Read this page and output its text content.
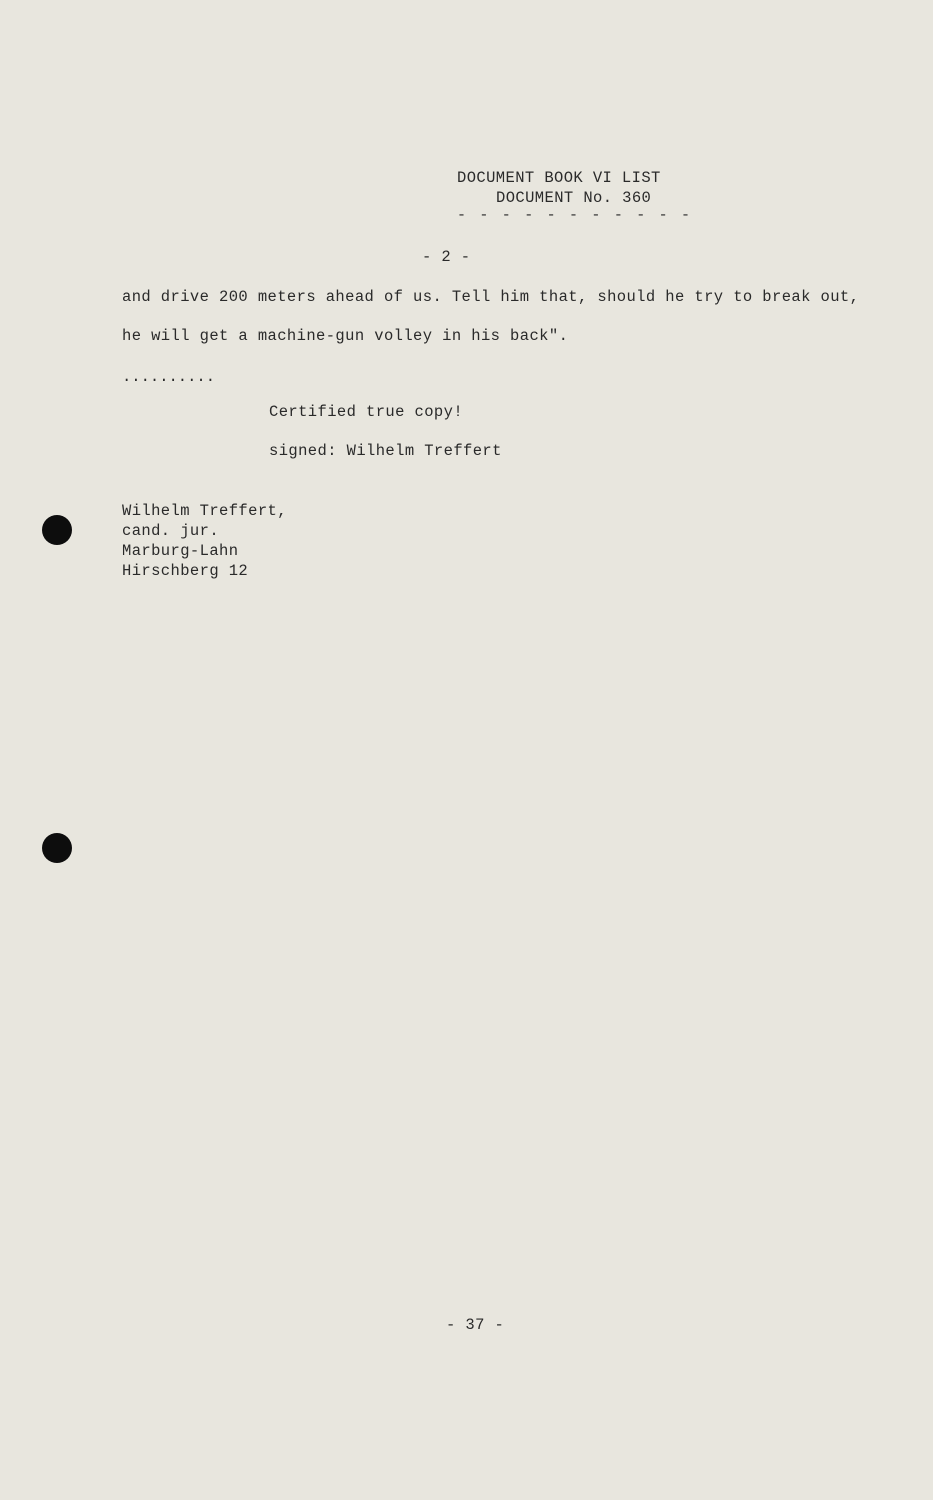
DOCUMENT BOOK VI LIST
DOCUMENT No. 360
- - - - - - - - - - -
- 2 -
and drive 200 meters ahead of us. Tell him that, should he try to break out,
he will get a machine-gun volley in his back".
..........
Certified true copy!
signed: Wilhelm Treffert
Wilhelm Treffert,
cand. jur.
Marburg-Lahn
Hirschberg 12
- 37 -
